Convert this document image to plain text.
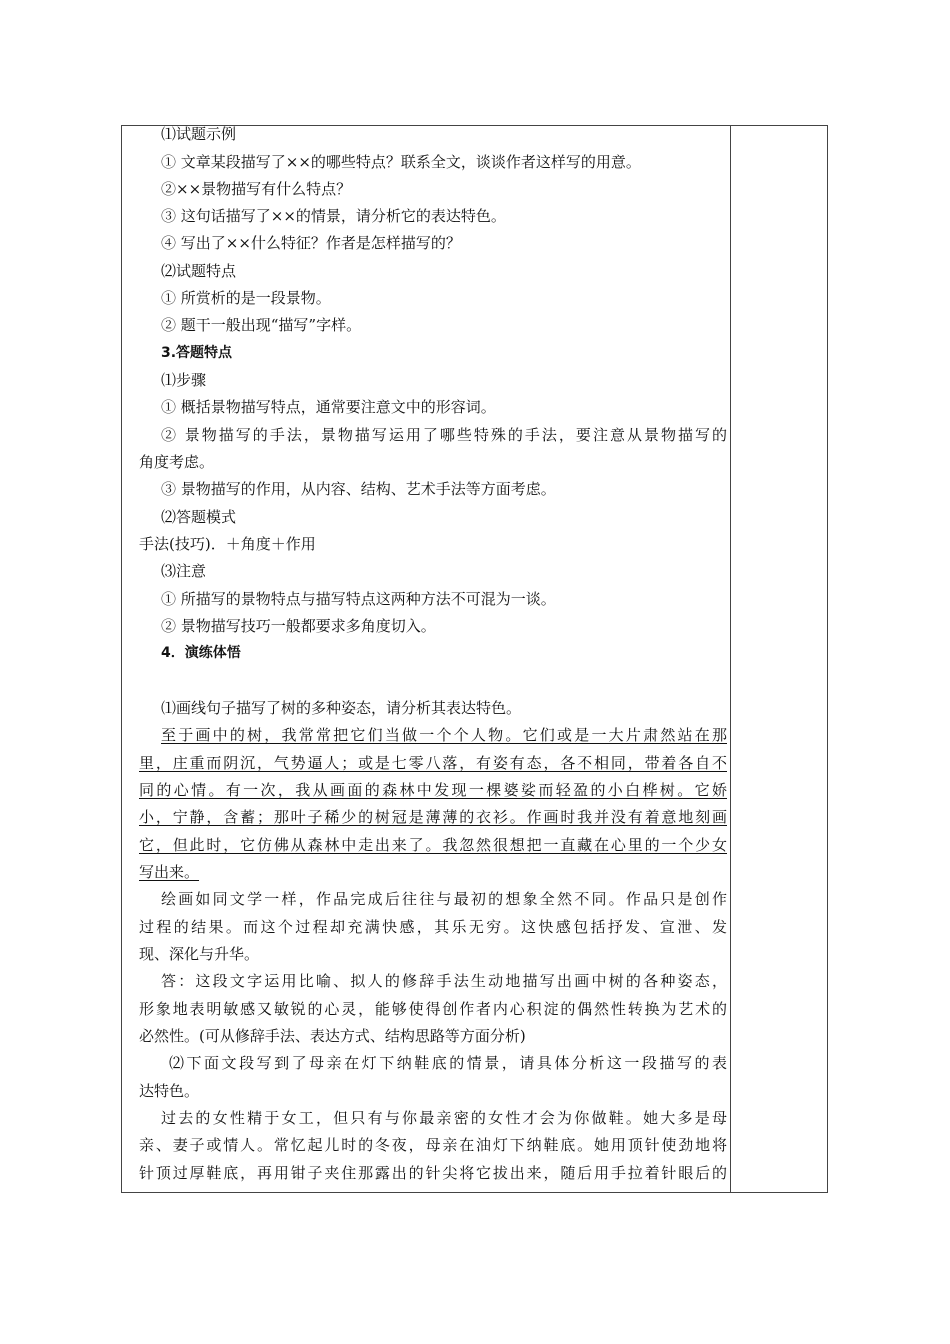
⑴试题示例
① 文章某段描写了××的哪些特点？联系全文，谈谈作者这样写的用意。
②××景物描写有什么特点？
③ 这句话描写了××的情景，请分析它的表达特色。
④ 写出了××什么特征？作者是怎样描写的？
⑵试题特点
① 所赏析的是一段景物。
② 题干一般出现“描写”字样。
3.答题特点
⑴步骤
① 概括景物描写特点，通常要注意文中的形容词。
② 景物描写的手法，景物描写运用了哪些特殊的手法，要注意从景物描写的
角度考虑。
③ 景物描写的作用，从内容、结构、艺术手法等方面考虑。
⑵答题模式
手法(技巧)．＋角度＋作用
⑶注意
① 所描写的景物特点与描写特点这两种方法不可混为一谈。
② 景物描写技巧一般都要求多角度切入。
4．演练体悟
⑴画线句子描写了树的多种姿态，请分析其表达特色。
至于画中的树，我常常把它们当做一个个人物。它们或是一大片肃然站在那
里，庄重而阴沉，气势逼人；或是七零八落，有姿有态，各不相同，带着各自不
同的心情。有一次，我从画面的森林中发现一棵婆娑而轻盈的小白桦树。它娇
小，宁静，含蓄；那叶子稀少的树冠是薄薄的衣衫。作画时我并没有着意地刻画
它，但此时，它仿佛从森林中走出来了。我忽然很想把一直藏在心里的一个少女
写出来。
绘画如同文学一样，作品完成后往往与最初的想象全然不同。作品只是创作
过程的结果。而这个过程却充满快感，其乐无穷。这快感包括抒发、宣泄、发
现、深化与升华。
答：这段文字运用比喻、拟人的修辞手法生动地描写出画中树的各种姿态，
形象地表明敏感又敏锐的心灵，能够使得创作者内心积淀的偶然性转换为艺术的
必然性。(可从修辞手法、表达方式、结构思路等方面分析)
⑵下面文段写到了母亲在灯下纳鞋底的情景，请具体分析这一段描写的表
达特色。
过去的女性精于女工，但只有与你最亲密的女性才会为你做鞋。她大多是母
亲、妻子或情人。常忆起儿时的冬夜，母亲在油灯下纳鞋底。她用顶针使劲地将
针顶过厚鞋底，再用钳子夹住那露出的针尖将它拔出来，随后用手拉着针眼后的
